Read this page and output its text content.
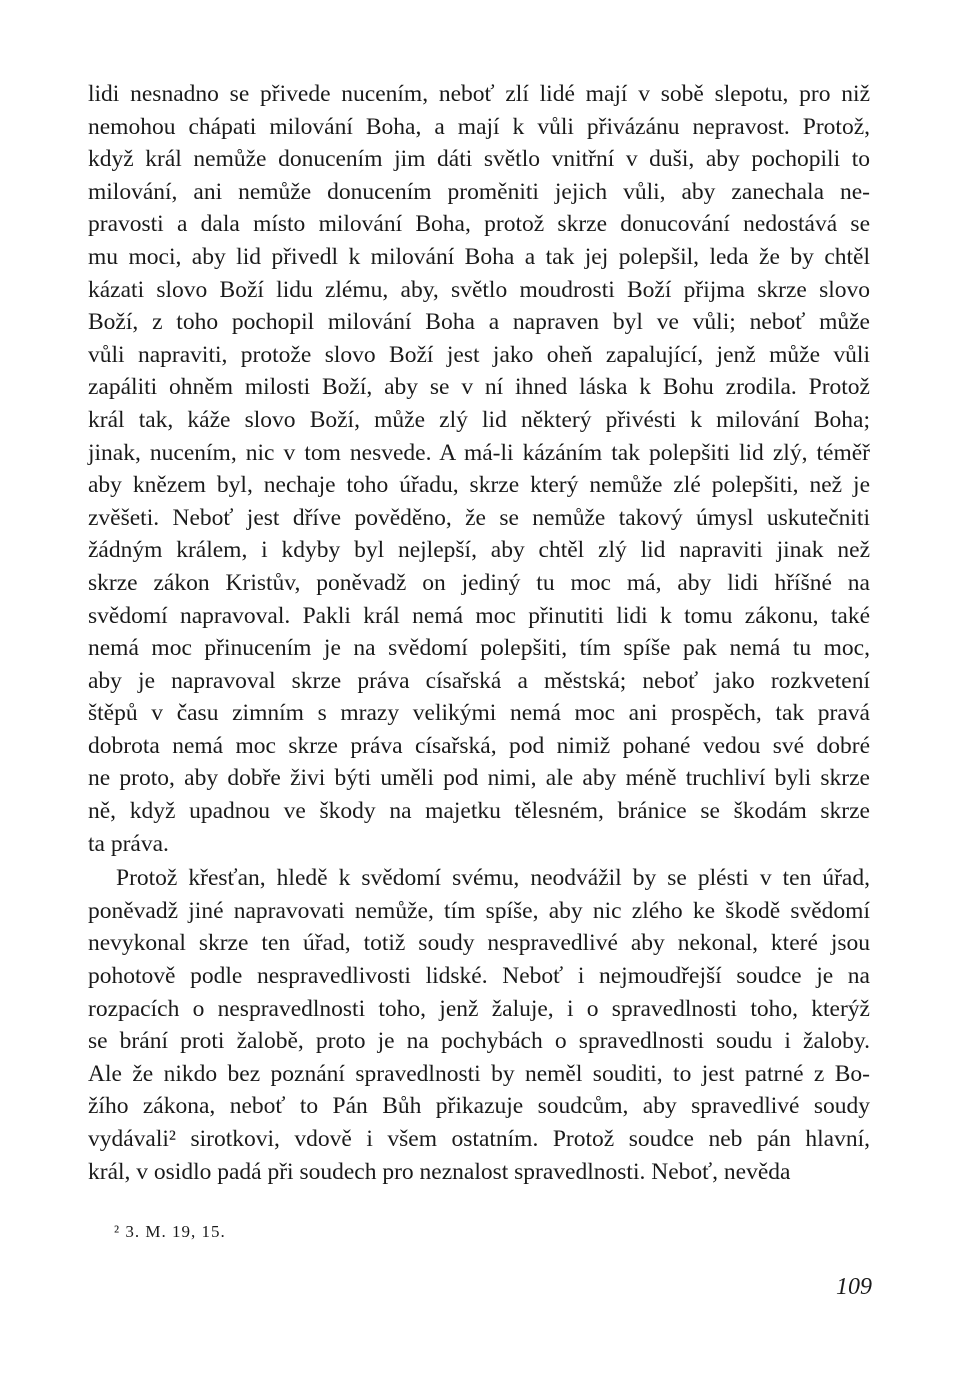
lidi nesnadno se přivede nucením, neboť zlí lidé mají v sobě slepotu, pro niž

nemohou chápati milování Boha, a mají k vůli přivázánu nepravost. Protož,

když král nemůže donucením jim dáti světlo vnitřní v duši, aby pochopili to

milování, ani nemůže donucením proměniti jejich vůli, aby zanechala ne-

pravosti a dala místo milování Boha, protož skrze donucování nedostává se

mu moci, aby lid přivedl k milování Boha a tak jej polepšil, leda že by chtěl

kázati slovo Boží lidu zlému, aby, světlo moudrosti Boží přijma skrze slovo

Boží, z toho pochopil milování Boha a napraven byl ve vůli; neboť může

vůli napraviti, protože slovo Boží jest jako oheň zapalující, jenž může vůli

zapáliti ohněm milosti Boží, aby se v ní ihned láska k Bohu zrodila. Protož

král tak, káže slovo Boží, může zlý lid některý přivésti k milování Boha;

jinak, nucením, nic v tom nesvede. A má-li kázáním tak polepšiti lid zlý, téměř

aby knězem byl, nechaje toho úřadu, skrze který nemůže zlé polepšiti, než je

zvěšeti. Neboť jest dříve pověděno, že se nemůže takový úmysl uskutečniti

žádným králem, i kdyby byl nejlepší, aby chtěl zlý lid napraviti jinak než

skrze zákon Kristův, poněvadž on jediný tu moc má, aby lidi hříšné na

svědomí napravoval. Pakli král nemá moc přinutiti lidi k tomu zákonu, také

nemá moc přinucením je na svědomí polepšiti, tím spíše pak nemá tu moc,

aby je napravoval skrze práva císařská a městská; neboť jako rozkvetení

štěpů v času zimním s mrazy velikými nemá moc ani prospěch, tak pravá

dobrota nemá moc skrze práva císařská, pod nimiž pohané vedou své dobré

ne proto, aby dobře živi býti uměli pod nimi, ale aby méně truchliví byli skrze

ně, když upadnou ve škody na majetku tělesném, bránice se škodám skrze

ta práva.

Protož křesťan, hledě k svědomí svému, neodvážil by se plésti v ten úřad,

poněvadž jiné napravovati nemůže, tím spíše, aby nic zlého ke škodě svědomí

nevykonal skrze ten úřad, totiž soudy nespravedlivé aby nekonal, které jsou

pohotově podle nespravedlivosti lidské. Neboť i nejmoudřejší soudce je na

rozpacích o nespravedlnosti toho, jenž žaluje, i o spravedlnosti toho, kterýž

se brání proti žalobě, proto je na pochybách o spravedlnosti soudu i žaloby.

Ale že nikdo bez poznání spravedlnosti by neměl souditi, to jest patrné z Bo-

žího zákona, neboť to Pán Bůh přikazuje soudcům, aby spravedlivé soudy

vydávali² sirotkovi, vdově i všem ostatním. Protož soudce neb pán hlavní,

král, v osidlo padá při soudech pro neznalost spravedlnosti. Neboť, nevěda

² 3. M. 19, 15.
109
